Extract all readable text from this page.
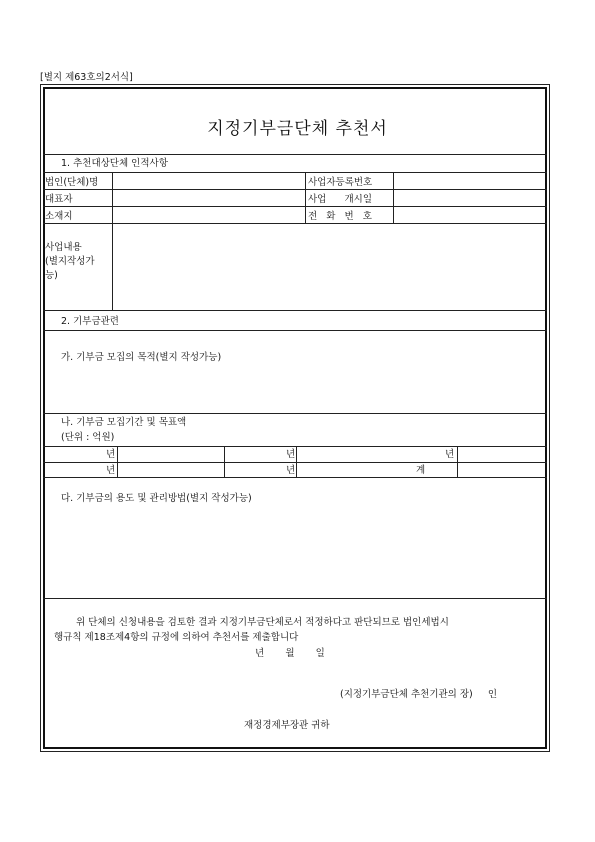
[별지 제63호의2서식]
지정기부금단체 추천서
1. 추천대상단체 인적사항
법인(단체)명	사업자등록번호
대표자	사업      개시일
소재지	전   화   번   호
사업내용
(별지작성가
능)
2. 기부금관련
가. 기부금 모집의 목적(별지 작성가능)
나. 기부금 모집기간 및 목표액
(단위 : 억원)
년	년	년
년	년	계
다. 기부금의 용도 및 관리방법(별지 작성가능)
위 단체의 신청내용을 검토한 결과 지정기부금단체로서 적정하다고 판단되므로 법인세법시
행규칙 제18조제4항의 규정에 의하여 추천서를 제출합니다
년       월       일
(지정기부금단체 추천기관의 장)     인
재정경제부장관 귀하
